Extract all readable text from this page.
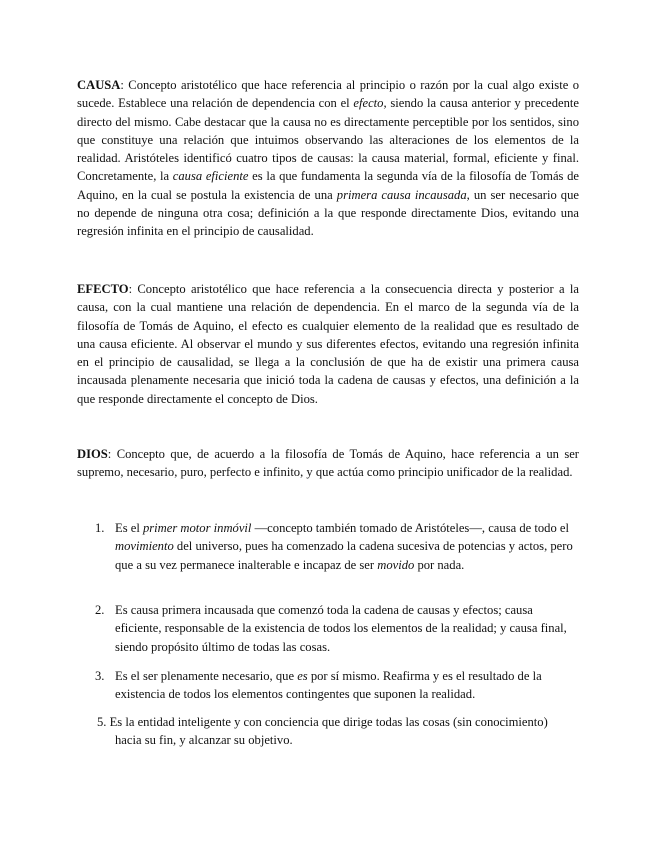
CAUSA: Concepto aristotélico que hace referencia al principio o razón por la cual algo existe o sucede. Establece una relación de dependencia con el efecto, siendo la causa anterior y precedente directo del mismo. Cabe destacar que la causa no es directamente perceptible por los sentidos, sino que constituye una relación que intuimos observando las alteraciones de los elementos de la realidad. Aristóteles identificó cuatro tipos de causas: la causa material, formal, eficiente y final. Concretamente, la causa eficiente es la que fundamenta la segunda vía de la filosofía de Tomás de Aquino, en la cual se postula la existencia de una primera causa incausada, un ser necesario que no depende de ninguna otra cosa; definición a la que responde directamente Dios, evitando una regresión infinita en el principio de causalidad.

EFECTO: Concepto aristotélico que hace referencia a la consecuencia directa y posterior a la causa, con la cual mantiene una relación de dependencia. En el marco de la segunda vía de la filosofía de Tomás de Aquino, el efecto es cualquier elemento de la realidad que es resultado de una causa eficiente. Al observar el mundo y sus diferentes efectos, evitando una regresión infinita en el principio de causalidad, se llega a la conclusión de que ha de existir una primera causa incausada plenamente necesaria que inició toda la cadena de causas y efectos, una definición a la que responde directamente el concepto de Dios.

DIOS: Concepto que, de acuerdo a la filosofía de Tomás de Aquino, hace referencia a un ser supremo, necesario, puro, perfecto e infinito, y que actúa como principio unificador de la realidad.

1. Es el primer motor inmóvil —concepto también tomado de Aristóteles—, causa de todo el movimiento del universo, pues ha comenzado la cadena sucesiva de potencias y actos, pero que a su vez permanece inalterable e incapaz de ser movido por nada.

2. Es causa primera incausada que comenzó toda la cadena de causas y efectos; causa eficiente, responsable de la existencia de todos los elementos de la realidad; y causa final, siendo propósito último de todas las cosas.

3. Es el ser plenamente necesario, que es por sí mismo. Reafirma y es el resultado de la existencia de todos los elementos contingentes que suponen la realidad.

5. Es la entidad inteligente y con conciencia que dirige todas las cosas (sin conocimiento)
hacia su fin, y alcanzar su objetivo.
